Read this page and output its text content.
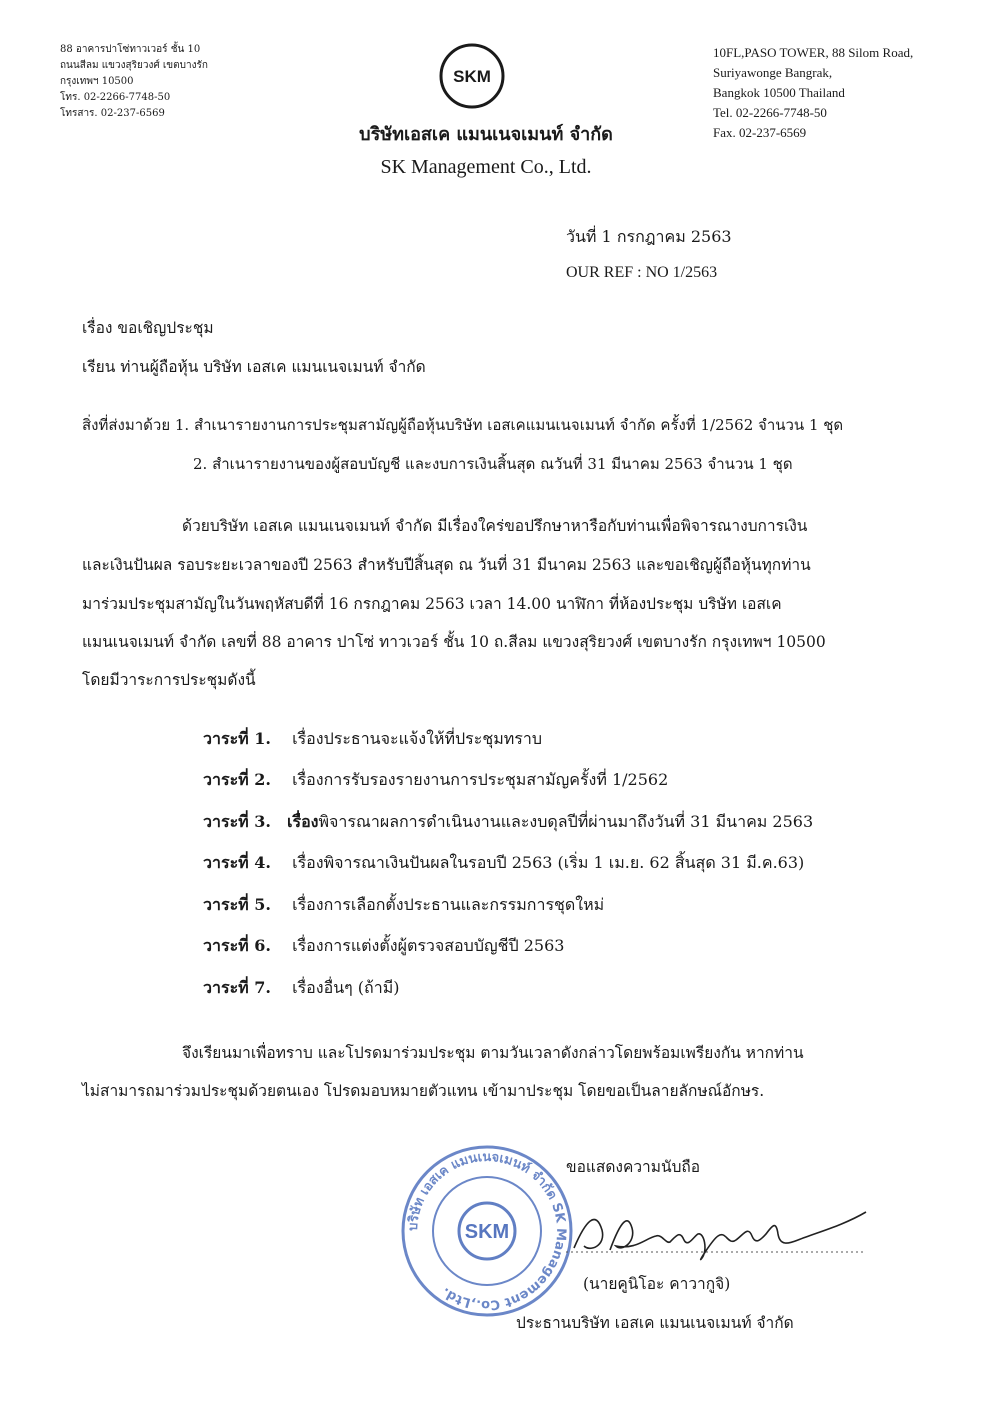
88 อาคารปาโซ่ทาวเวอร์ ชั้น 10
ถนนสีลม แขวงสุริยวงศ์ เขตบางรัก
กรุงเทพฯ 10500
โทร. 02-2266-7748-50
โทรสาร. 02-237-6569
SKM
10FL,PASO TOWER, 88 Silom Road,
Suriyawonge Bangrak,
Bangkok 10500 Thailand
Tel. 02-2266-7748-50
Fax. 02-237-6569
บริษัทเอสเค แมนเนจเมนท์ จำกัด
SK Management Co., Ltd.
วันที่ 1 กรกฎาคม 2563
OUR REF : NO 1/2563
เรื่อง ขอเชิญประชุม
เรียน ท่านผู้ถือหุ้น บริษัท เอสเค แมนเนจเมนท์ จำกัด
สิ่งที่ส่งมาด้วย 1. สำเนารายงานการประชุมสามัญผู้ถือหุ้นบริษัท เอสเคแมนเนจเมนท์ จำกัด ครั้งที่ 1/2562 จำนวน 1 ชุด
2. สำเนารายงานของผู้สอบบัญชี และงบการเงินสิ้นสุด ณวันที่ 31 มีนาคม 2563 จำนวน 1 ชุด
ด้วยบริษัท เอสเค แมนเนจเมนท์ จำกัด มีเรื่องใคร่ขอปรึกษาหารือกับท่านเพื่อพิจารณางบการเงิน
และเงินปันผล รอบระยะเวลาของปี 2563 สำหรับปีสิ้นสุด ณ วันที่ 31 มีนาคม 2563 และขอเชิญผู้ถือหุ้นทุกท่าน
มาร่วมประชุมสามัญในวันพฤหัสบดีที่ 16 กรกฎาคม 2563 เวลา 14.00 นาฬิกา ที่ห้องประชุม บริษัท เอสเค
แมนเนจเมนท์ จำกัด เลขที่ 88 อาคาร ปาโซ่ ทาวเวอร์ ชั้น 10 ถ.สีลม แขวงสุริยวงศ์ เขตบางรัก กรุงเทพฯ 10500
โดยมีวาระการประชุมดังนี้
วาระที่ 1. เรื่องประธานจะแจ้งให้ที่ประชุมทราบ
วาระที่ 2. เรื่องการรับรองรายงานการประชุมสามัญครั้งที่ 1/2562
วาระที่ 3. เรื่องพิจารณาผลการดำเนินงานและงบดุลปีที่ผ่านมาถึงวันที่ 31 มีนาคม 2563
วาระที่ 4. เรื่องพิจารณาเงินปันผลในรอบปี 2563 (เริ่ม 1 เม.ย. 62 สิ้นสุด 31 มี.ค.63)
วาระที่ 5. เรื่องการเลือกตั้งประธานและกรรมการชุดใหม่
วาระที่ 6. เรื่องการแต่งตั้งผู้ตรวจสอบบัญชีปี 2563
วาระที่ 7. เรื่องอื่นๆ (ถ้ามี)
จึงเรียนมาเพื่อทราบ และโปรดมาร่วมประชุม ตามวันเวลาดังกล่าวโดยพร้อมเพรียงกัน หากท่าน
ไม่สามารถมาร่วมประชุมด้วยตนเอง โปรดมอบหมายตัวแทน เข้ามาประชุม โดยขอเป็นลายลักษณ์อักษร.
ขอแสดงความนับถือ
บริษัท เอสเค แมนเนจเมนท์ จำกัด SK Management Co.,Ltd.
SKM
(นายคูนิโอะ คาวากูจิ)
ประธานบริษัท เอสเค แมนเนจเมนท์ จำกัด
